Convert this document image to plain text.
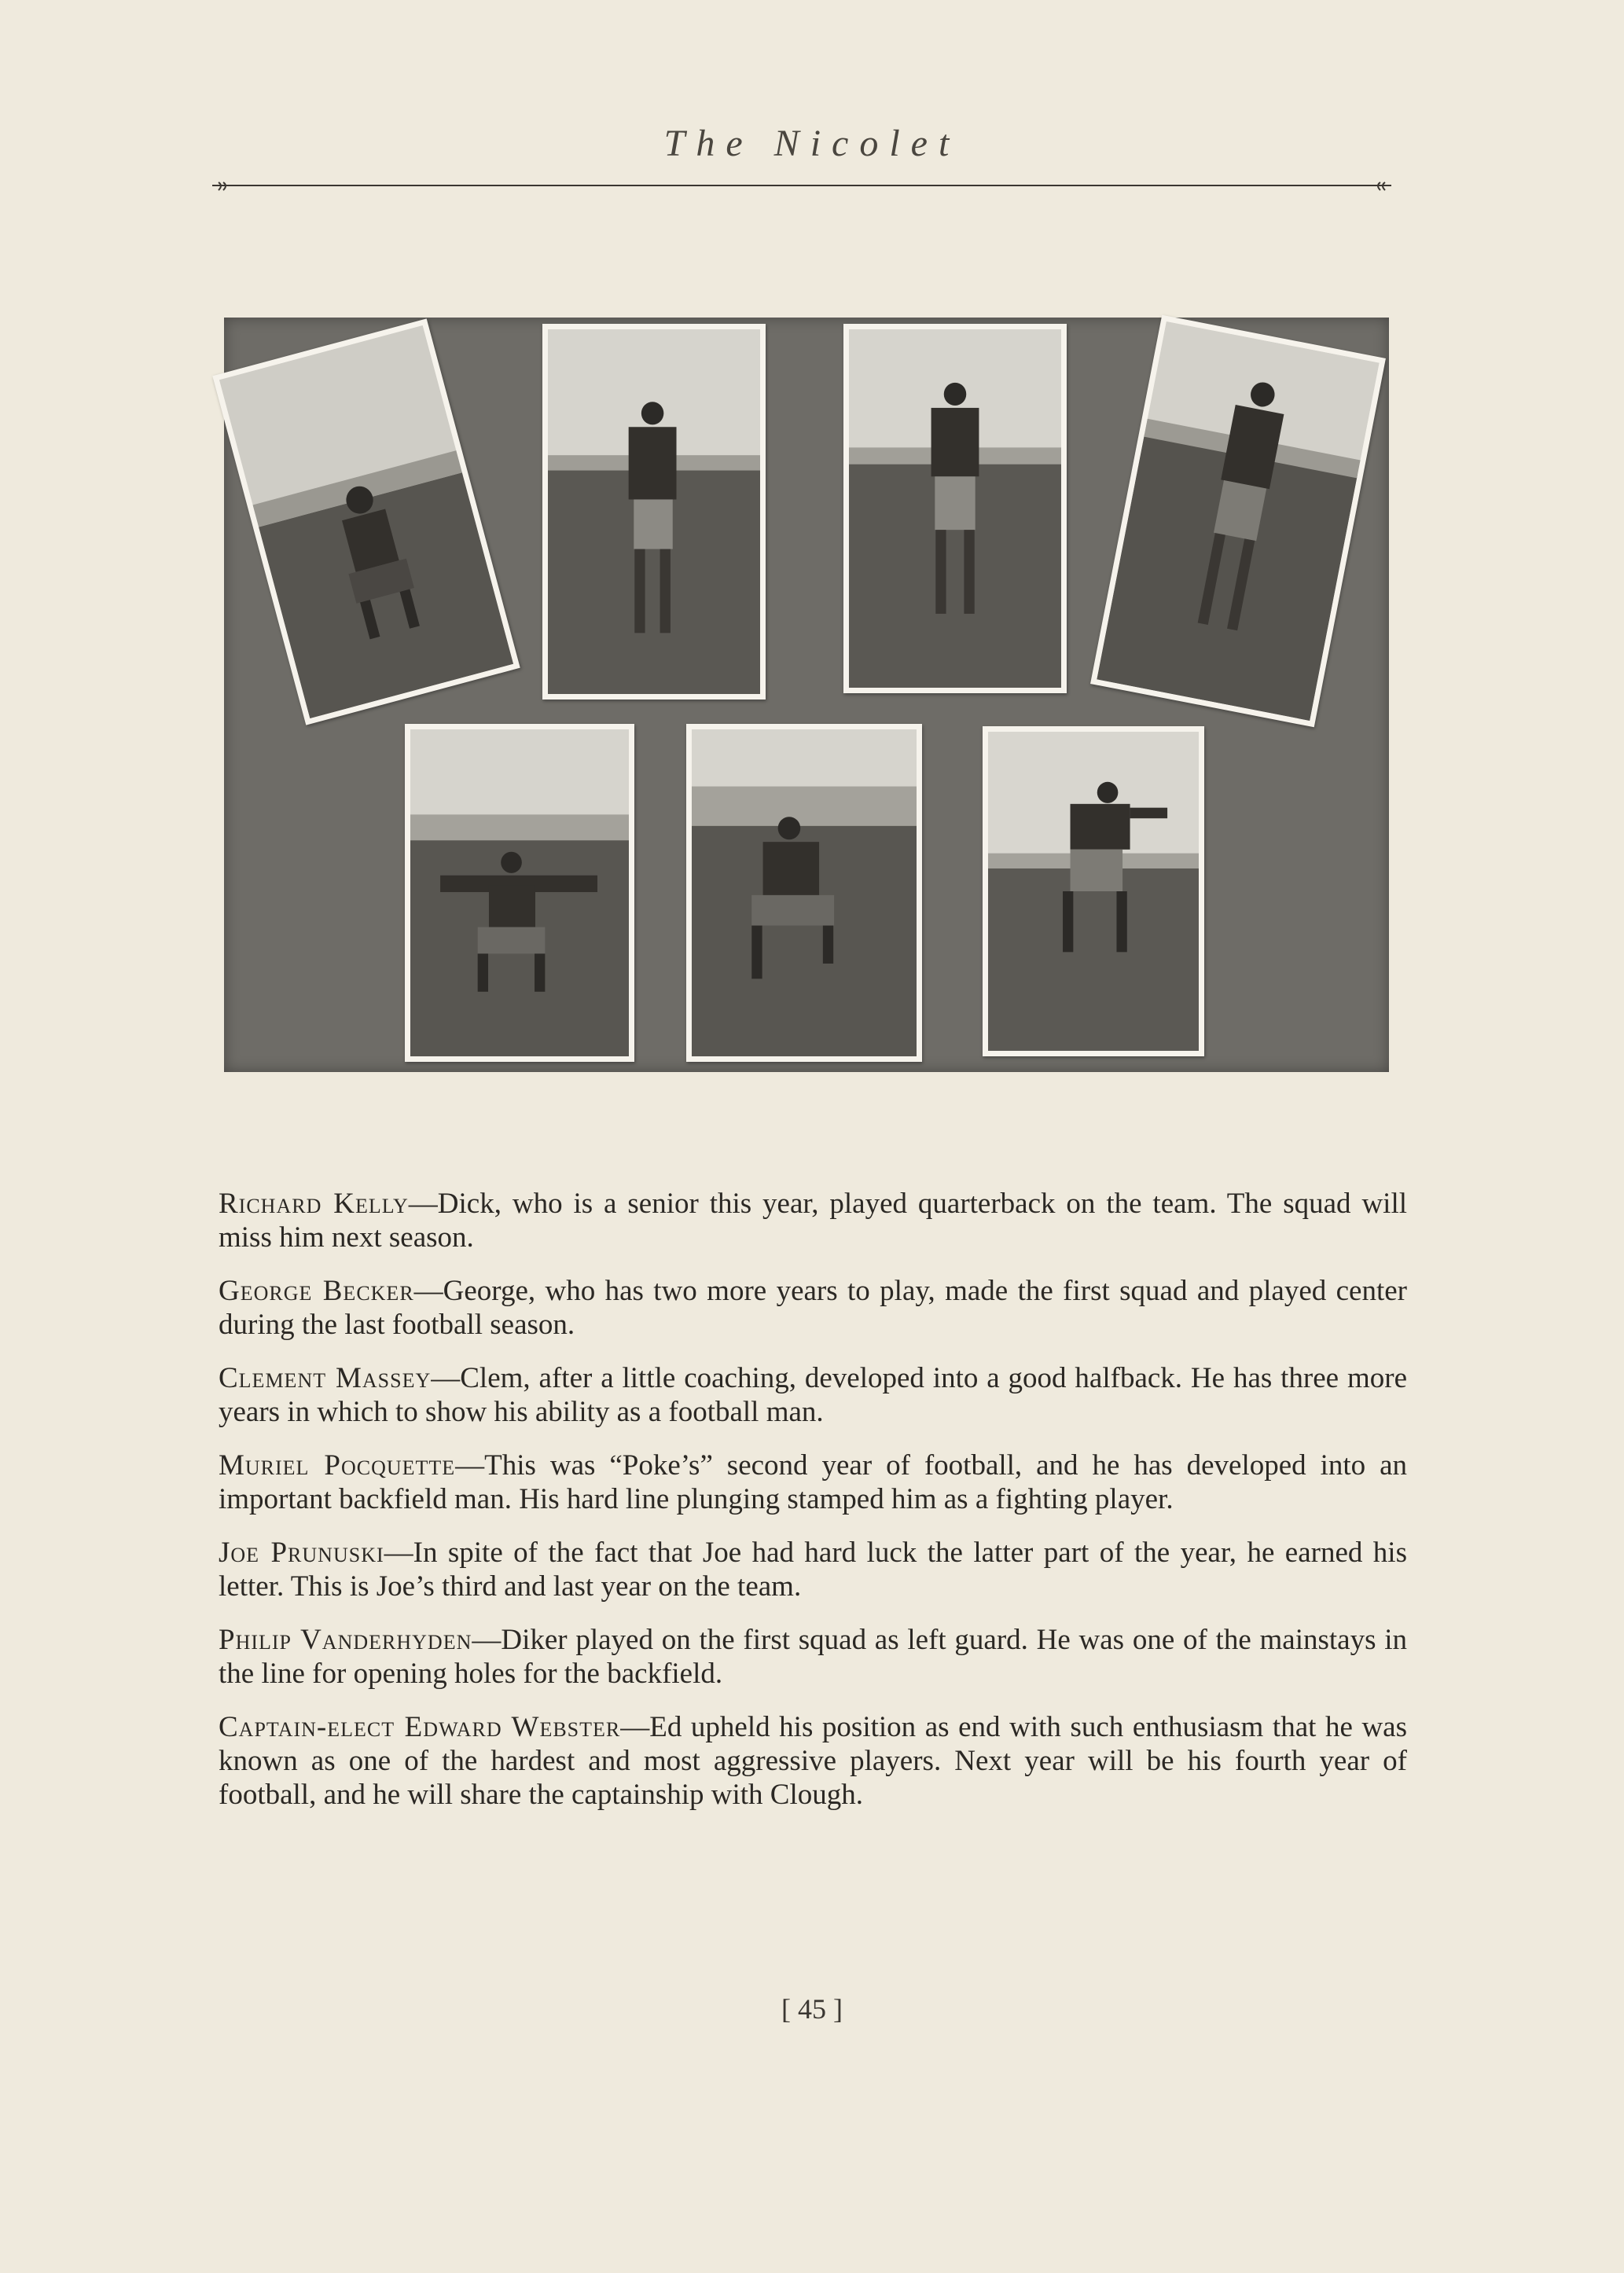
The Nicolet

Richard Kelly—Dick, who is a senior this year, played quarterback on the team. The squad will miss him next season.

George Becker—George, who has two more years to play, made the first squad and played center during the last football season.

Clement Massey—Clem, after a little coaching, developed into a good halfback. He has three more years in which to show his ability as a football man.

Muriel Pocquette—This was “Poke’s” second year of football, and he has developed into an important backfield man. His hard line plunging stamped him as a fighting player.

Joe Prunuski—In spite of the fact that Joe had hard luck the latter part of the year, he earned his letter. This is Joe’s third and last year on the team.

Philip Vanderhyden—Diker played on the first squad as left guard. He was one of the mainstays in the line for opening holes for the backfield.

Captain-elect Edward Webster—Ed upheld his position as end with such enthusiasm that he was known as one of the hardest and most aggressive players. Next year will be his fourth year of football, and he will share the captainship with Clough.

[ 45 ]
